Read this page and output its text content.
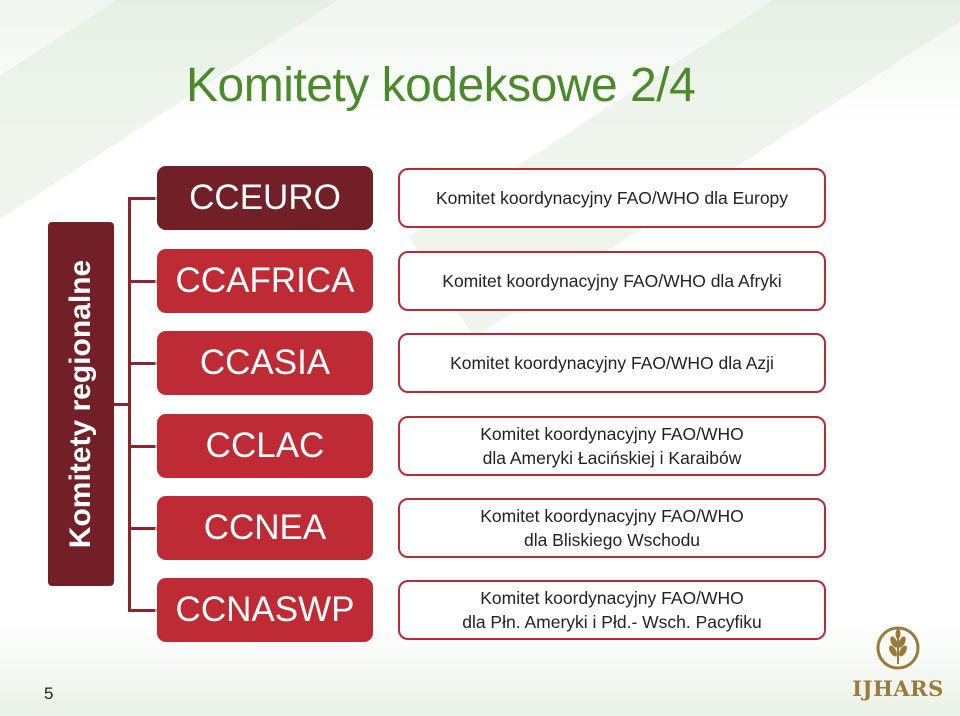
Komitety kodeksowe 2/4
Komitety regionalne
CCEURO
CCAFRICA
CCASIA
CCLAC
CCNEA
CCNASWP
Komitet koordynacyjny FAO/WHO dla Europy
Komitet koordynacyjny FAO/WHO dla Afryki
Komitet koordynacyjny FAO/WHO dla Azji
Komitet koordynacyjny FAO/WHO
dla Ameryki Łacińskiej i Karaibów
Komitet koordynacyjny FAO/WHO
dla Bliskiego Wschodu
Komitet koordynacyjny FAO/WHO
dla Płn. Ameryki i Płd.- Wsch. Pacyfiku
5	IJHARS
